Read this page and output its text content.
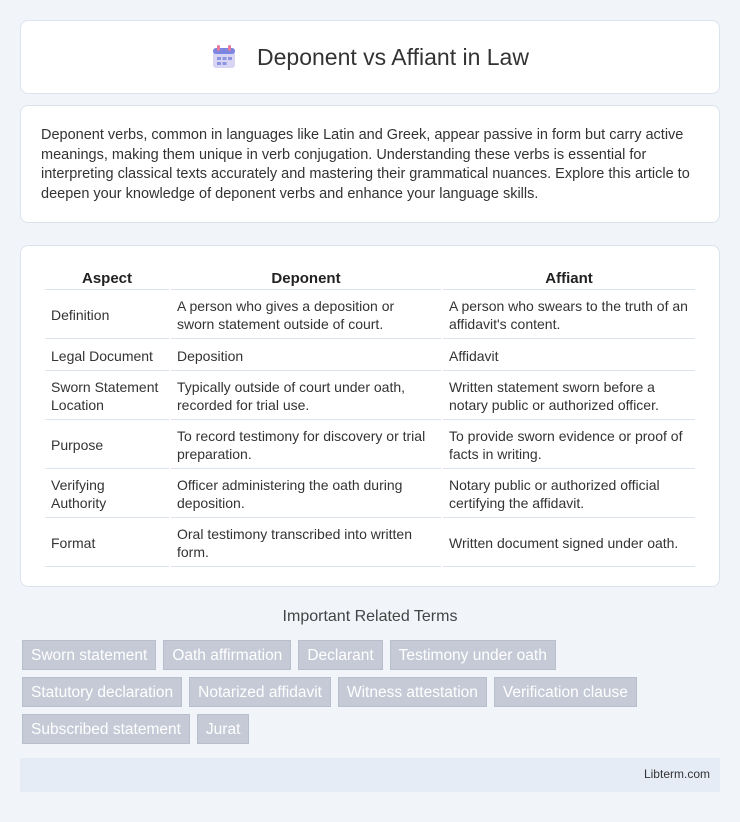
Deponent vs Affiant in Law

Deponent verbs, common in languages like Latin and Greek, appear passive in form but carry active meanings, making them unique in verb conjugation. Understanding these verbs is essential for interpreting classical texts accurately and mastering their grammatical nuances. Explore this article to deepen your knowledge of deponent verbs and enhance your language skills.

Aspect	Deponent	Affiant
Definition	A person who gives a deposition or sworn statement outside of court.	A person who swears to the truth of an affidavit's content.
Legal Document	Deposition	Affidavit
Sworn Statement Location	Typically outside of court under oath, recorded for trial use.	Written statement sworn before a notary public or authorized officer.
Purpose	To record testimony for discovery or trial preparation.	To provide sworn evidence or proof of facts in writing.
Verifying Authority	Officer administering the oath during deposition.	Notary public or authorized official certifying the affidavit.
Format	Oral testimony transcribed into written form.	Written document signed under oath.
Important Related Terms
Sworn statement	Oath affirmation	Declarant	Testimony under oath
Statutory declaration	Notarized affidavit	Witness attestation	Verification clause
Subscribed statement	Jurat
Libterm.com
